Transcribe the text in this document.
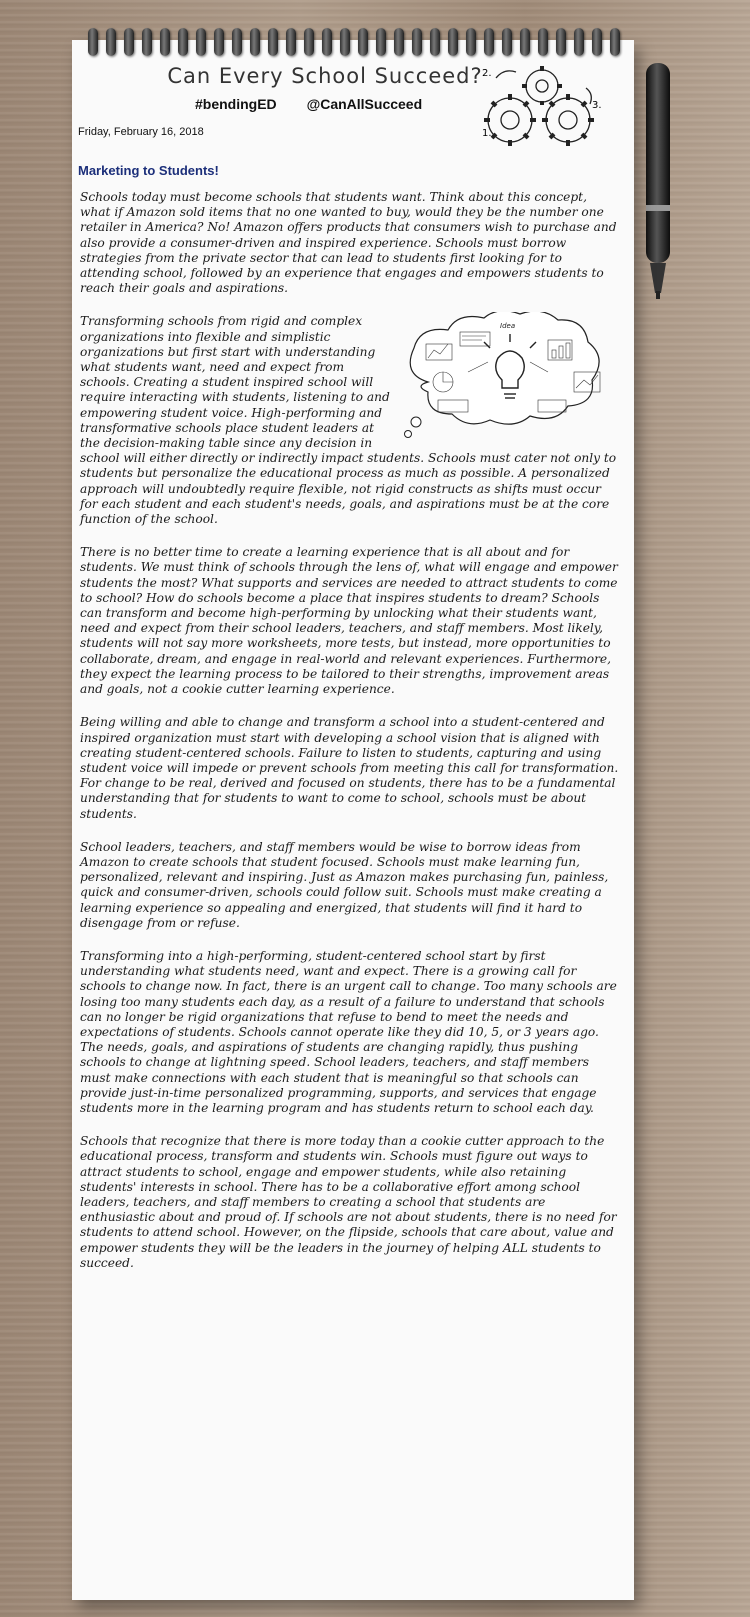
Can Every School Succeed?
#bendingED @CanAllSucceed
1.
2.
3.
Friday, February 16, 2018
Marketing to Students!

Schools today must become schools that students want. Think about this concept, what if Amazon sold items that no one wanted to buy, would they be the number one retailer in America? No! Amazon offers products that consumers wish to purchase and also provide a consumer-driven and inspired experience. Schools must borrow strategies from the private sector that can lead to students first looking for to attending school, followed by an experience that engages and empowers students to reach their goals and aspirations.

Idea

Transforming schools from rigid and complex organizations into flexible and simplistic organizations but first start with understanding what students want, need and expect from schools. Creating a student inspired school will require interacting with students, listening to and empowering student voice. High-performing and transformative schools place student leaders at the decision-making table since any decision in school will either directly or indirectly impact students. Schools must cater not only to students but personalize the educational process as much as possible. A personalized approach will undoubtedly require flexible, not rigid constructs as shifts must occur for each student and each student's needs, goals, and aspirations must be at the core function of the school.

There is no better time to create a learning experience that is all about and for students. We must think of schools through the lens of, what will engage and empower students the most? What supports and services are needed to attract students to come to school? How do schools become a place that inspires students to dream? Schools can transform and become high-performing by unlocking what their students want, need and expect from their school leaders, teachers, and staff members. Most likely, students will not say more worksheets, more tests, but instead, more opportunities to collaborate, dream, and engage in real-world and relevant experiences. Furthermore, they expect the learning process to be tailored to their strengths, improvement areas and goals, not a cookie cutter learning experience.

Being willing and able to change and transform a school into a student-centered and inspired organization must start with developing a school vision that is aligned with creating student-centered schools. Failure to listen to students, capturing and using student voice will impede or prevent schools from meeting this call for transformation. For change to be real, derived and focused on students, there has to be a fundamental understanding that for students to want to come to school, schools must be about students.

School leaders, teachers, and staff members would be wise to borrow ideas from Amazon to create schools that student focused. Schools must make learning fun, personalized, relevant and inspiring. Just as Amazon makes purchasing fun, painless, quick and consumer-driven, schools could follow suit. Schools must make creating a learning experience so appealing and energized, that students will find it hard to disengage from or refuse.

Transforming into a high-performing, student-centered school start by first understanding what students need, want and expect. There is a growing call for schools to change now. In fact, there is an urgent call to change. Too many schools are losing too many students each day, as a result of a failure to understand that schools can no longer be rigid organizations that refuse to bend to meet the needs and expectations of students. Schools cannot operate like they did 10, 5, or 3 years ago. The needs, goals, and aspirations of students are changing rapidly, thus pushing schools to change at lightning speed. School leaders, teachers, and staff members must make connections with each student that is meaningful so that schools can provide just-in-time personalized programming, supports, and services that engage students more in the learning program and has students return to school each day.

Schools that recognize that there is more today than a cookie cutter approach to the educational process, transform and students win. Schools must figure out ways to attract students to school, engage and empower students, while also retaining students' interests in school. There has to be a collaborative effort among school leaders, teachers, and staff members to creating a school that students are enthusiastic about and proud of. If schools are not about students, there is no need for students to attend school. However, on the flipside, schools that care about, value and empower students they will be the leaders in the journey of helping ALL students to succeed.
